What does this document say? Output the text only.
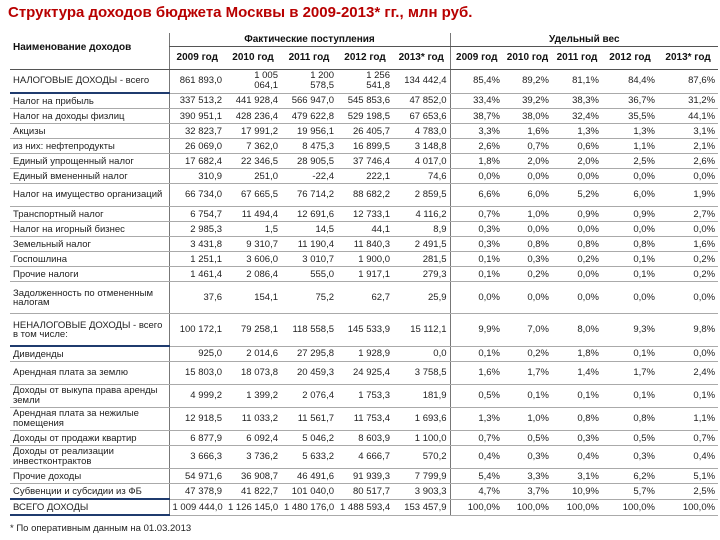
Структура доходов бюджета Москвы в 2009-2013* гг., млн руб.
Наименование доходов	Фактические поступления					Удельный вес				
	2009 год	2010 год	2011 год	2012 год	2013* год	2009 год	2010 год	2011 год	2012 год	2013* год
НАЛОГОВЫЕ ДОХОДЫ - всего	861 893,0	1 005 064,1	1 200 578,5	1 256 541,8	134 442,4	85,4%	89,2%	81,1%	84,4%	87,6%
Налог на прибыль	337 513,2	441 928,4	566 947,0	545 853,6	47 852,0	33,4%	39,2%	38,3%	36,7%	31,2%
Налог на доходы физлиц	390 951,1	428 236,4	479 622,8	529 198,5	67 653,6	38,7%	38,0%	32,4%	35,5%	44,1%
Акцизы	32 823,7	17 991,2	19 956,1	26 405,7	4 783,0	3,3%	1,6%	1,3%	1,3%	3,1%
из них: нефтепродукты	26 069,0	7 362,0	8 475,3	16 899,5	3 148,8	2,6%	0,7%	0,6%	1,1%	2,1%
Единый упрощенный налог	17 682,4	22 346,5	28 905,5	37 746,4	4 017,0	1,8%	2,0%	2,0%	2,5%	2,6%
Единый вмененный налог	310,9	251,0	-22,4	222,1	74,6	0,0%	0,0%	0,0%	0,0%	0,0%
Налог на имущество организаций	66 734,0	67 665,5	76 714,2	88 682,2	2 859,5	6,6%	6,0%	5,2%	6,0%	1,9%
Транспортный налог	6 754,7	11 494,4	12 691,6	12 733,1	4 116,2	0,7%	1,0%	0,9%	0,9%	2,7%
Налог на игорный бизнес	2 985,3	1,5	14,5	44,1	8,9	0,3%	0,0%	0,0%	0,0%	0,0%
Земельный налог	3 431,8	9 310,7	11 190,4	11 840,3	2 491,5	0,3%	0,8%	0,8%	0,8%	1,6%
Госпошлина	1 251,1	3 606,0	3 010,7	1 900,0	281,5	0,1%	0,3%	0,2%	0,1%	0,2%
Прочие налоги	1 461,4	2 086,4	555,0	1 917,1	279,3	0,1%	0,2%	0,0%	0,1%	0,2%
Задолженность по отмененным налогам	37,6	154,1	75,2	62,7	25,9	0,0%	0,0%	0,0%	0,0%	0,0%
НЕНАЛОГОВЫЕ ДОХОДЫ - всего в том числе:	100 172,1	79 258,1	118 558,5	145 533,9	15 112,1	9,9%	7,0%	8,0%	9,3%	9,8%
Дивиденды	925,0	2 014,6	27 295,8	1 928,9	0,0	0,1%	0,2%	1,8%	0,1%	0,0%
Арендная плата за землю	15 803,0	18 073,8	20 459,3	24 925,4	3 758,5	1,6%	1,7%	1,4%	1,7%	2,4%
Доходы от выкупа права аренды земли	4 999,2	1 399,2	2 076,4	1 753,3	181,9	0,5%	0,1%	0,1%	0,1%	0,1%
Арендная плата за нежилые помещения	12 918,5	11 033,2	11 561,7	11 753,4	1 693,6	1,3%	1,0%	0,8%	0,8%	1,1%
Доходы от продажи квартир	6 877,9	6 092,4	5 046,2	8 603,9	1 100,0	0,7%	0,5%	0,3%	0,5%	0,7%
Доходы от реализации инвестконтрактов	3 666,3	3 736,2	5 633,2	4 666,7	570,2	0,4%	0,3%	0,4%	0,3%	0,4%
Прочие доходы	54 971,6	36 908,7	46 491,6	91 939,3	7 799,9	5,4%	3,3%	3,1%	6,2%	5,1%
Субвенции и субсидии из ФБ	47 378,9	41 822,7	101 040,0	80 517,7	3 903,3	4,7%	3,7%	10,9%	5,7%	2,5%
ВСЕГО ДОХОДЫ	1 009 444,0	1 126 145,0	1 480 176,0	1 488 593,4	153 457,9	100,0%	100,0%	100,0%	100,0%	100,0%
* По оперативным данным на 01.03.2013
